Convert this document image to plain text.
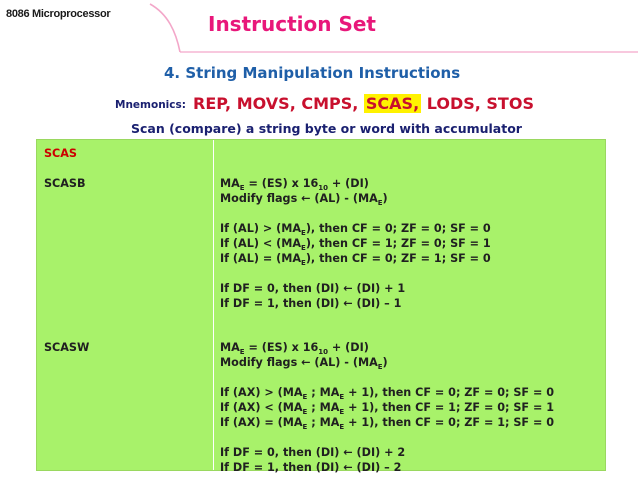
8086 Microprocessor	Instruction Set
4. String Manipulation Instructions
Mnemonics: REP, MOVS, CMPS, SCAS, LODS, STOS
Scan (compare) a string byte or word with accumulator
SCAS
SCASB	$MA_E = (ES)$ x $16_{10} + (DI)$
Modify flags ← $(AL) - (MA_E)$
If $(AL) > (MA_E)$, then CF = 0; ZF = 0; SF = 0
If $(AL) < (MA_E)$, then CF = 1; ZF = 0; SF = 1
If $(AL) = (MA_E)$, then CF = 0; ZF = 1; SF = 0
If DF = 0, then (DI) ← (DI) + 1
If DF = 1, then (DI) ← (DI) – 1
SCASW	$MA_E = (ES)$ x $16_{10} + (DI)$
Modify flags ← $(AL) - (MA_E)$
If $(AX) > (MA_E$ ; $MA_E + 1$), then CF = 0; ZF = 0; SF = 0
If $(AX) < (MA_E$ ; $MA_E + 1$), then CF = 1; ZF = 0; SF = 1
If $(AX) = (MA_E$ ; $MA_E + 1$), then CF = 0; ZF = 1; SF = 0
If DF = 0, then (DI) ← (DI) + 2
If DF = 1, then (DI) ← (DI) – 2
